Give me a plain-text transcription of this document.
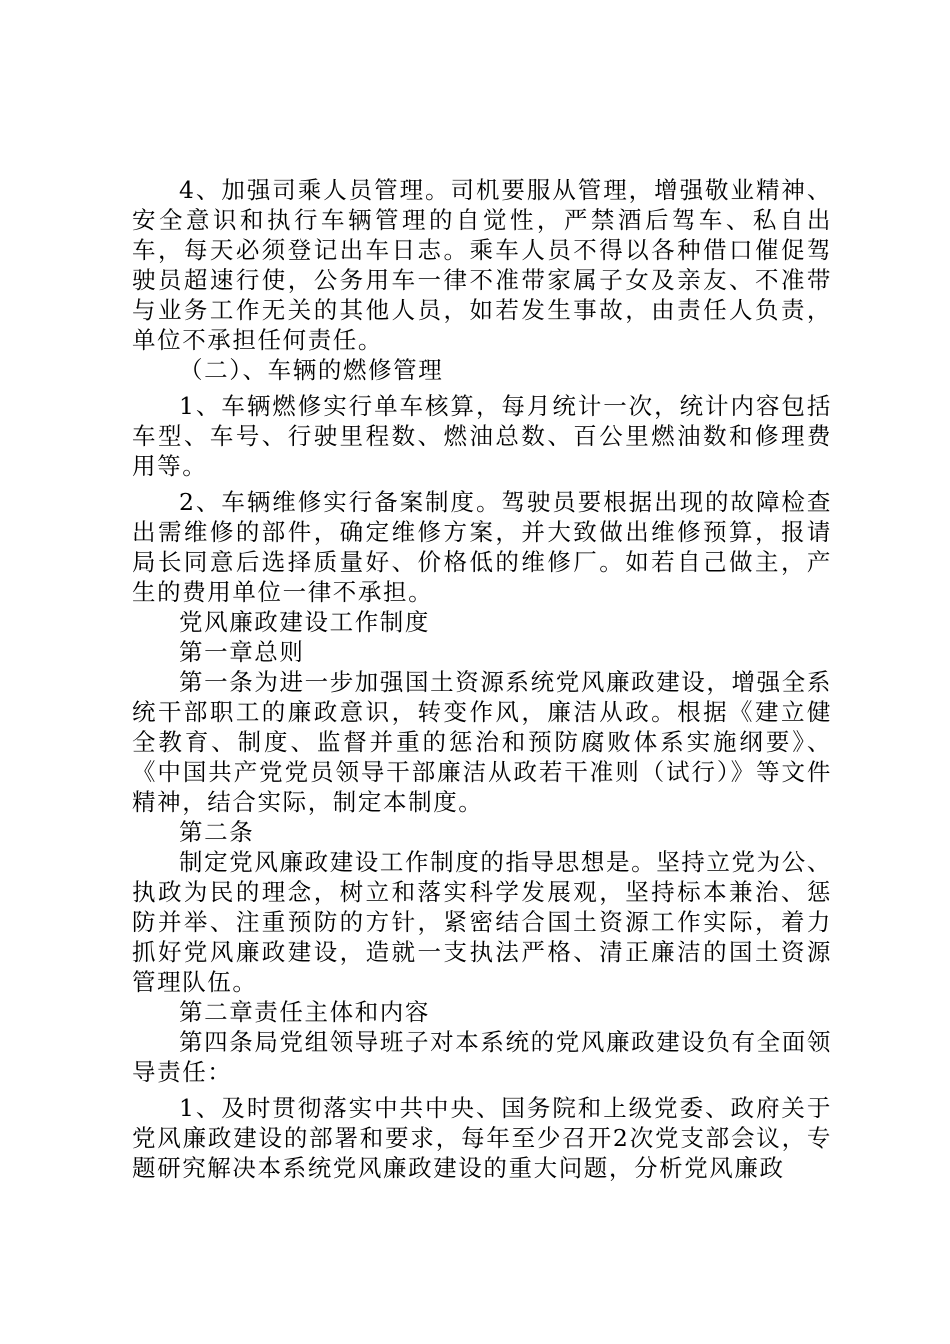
4、加强司乘人员管理。司机要服从管理，增强敬业精神、安全意识和执行车辆管理的自觉性，严禁酒后驾车、私自出车，每天必须登记出车日志。乘车人员不得以各种借口催促驾驶员超速行使，公务用车一律不准带家属子女及亲友、不准带与业务工作无关的其他人员，如若发生事故，由责任人负责，单位不承担任何责任。

（二）、车辆的燃修管理

1、车辆燃修实行单车核算，每月统计一次，统计内容包括车型、车号、行驶里程数、燃油总数、百公里燃油数和修理费用等。

2、车辆维修实行备案制度。驾驶员要根据出现的故障检查出需维修的部件，确定维修方案，并大致做出维修预算，报请局长同意后选择质量好、价格低的维修厂。如若自己做主，产生的费用单位一律不承担。

党风廉政建设工作制度

第一章总则

第一条为进一步加强国土资源系统党风廉政建设，增强全系统干部职工的廉政意识，转变作风，廉洁从政。根据《建立健全教育、制度、监督并重的惩治和预防腐败体系实施纲要》、《中国共产党党员领导干部廉洁从政若干准则（试行）》等文件精神，结合实际，制定本制度。

第二条

制定党风廉政建设工作制度的指导思想是。坚持立党为公、执政为民的理念，树立和落实科学发展观，坚持标本兼治、惩防并举、注重预防的方针，紧密结合国土资源工作实际，着力抓好党风廉政建设，造就一支执法严格、清正廉洁的国土资源管理队伍。

第二章责任主体和内容

第四条局党组领导班子对本系统的党风廉政建设负有全面领导责任：

1、及时贯彻落实中共中央、国务院和上级党委、政府关于党风廉政建设的部署和要求，每年至少召开2次党支部会议，专题研究解决本系统党风廉政建设的重大问题，分析党风廉政
